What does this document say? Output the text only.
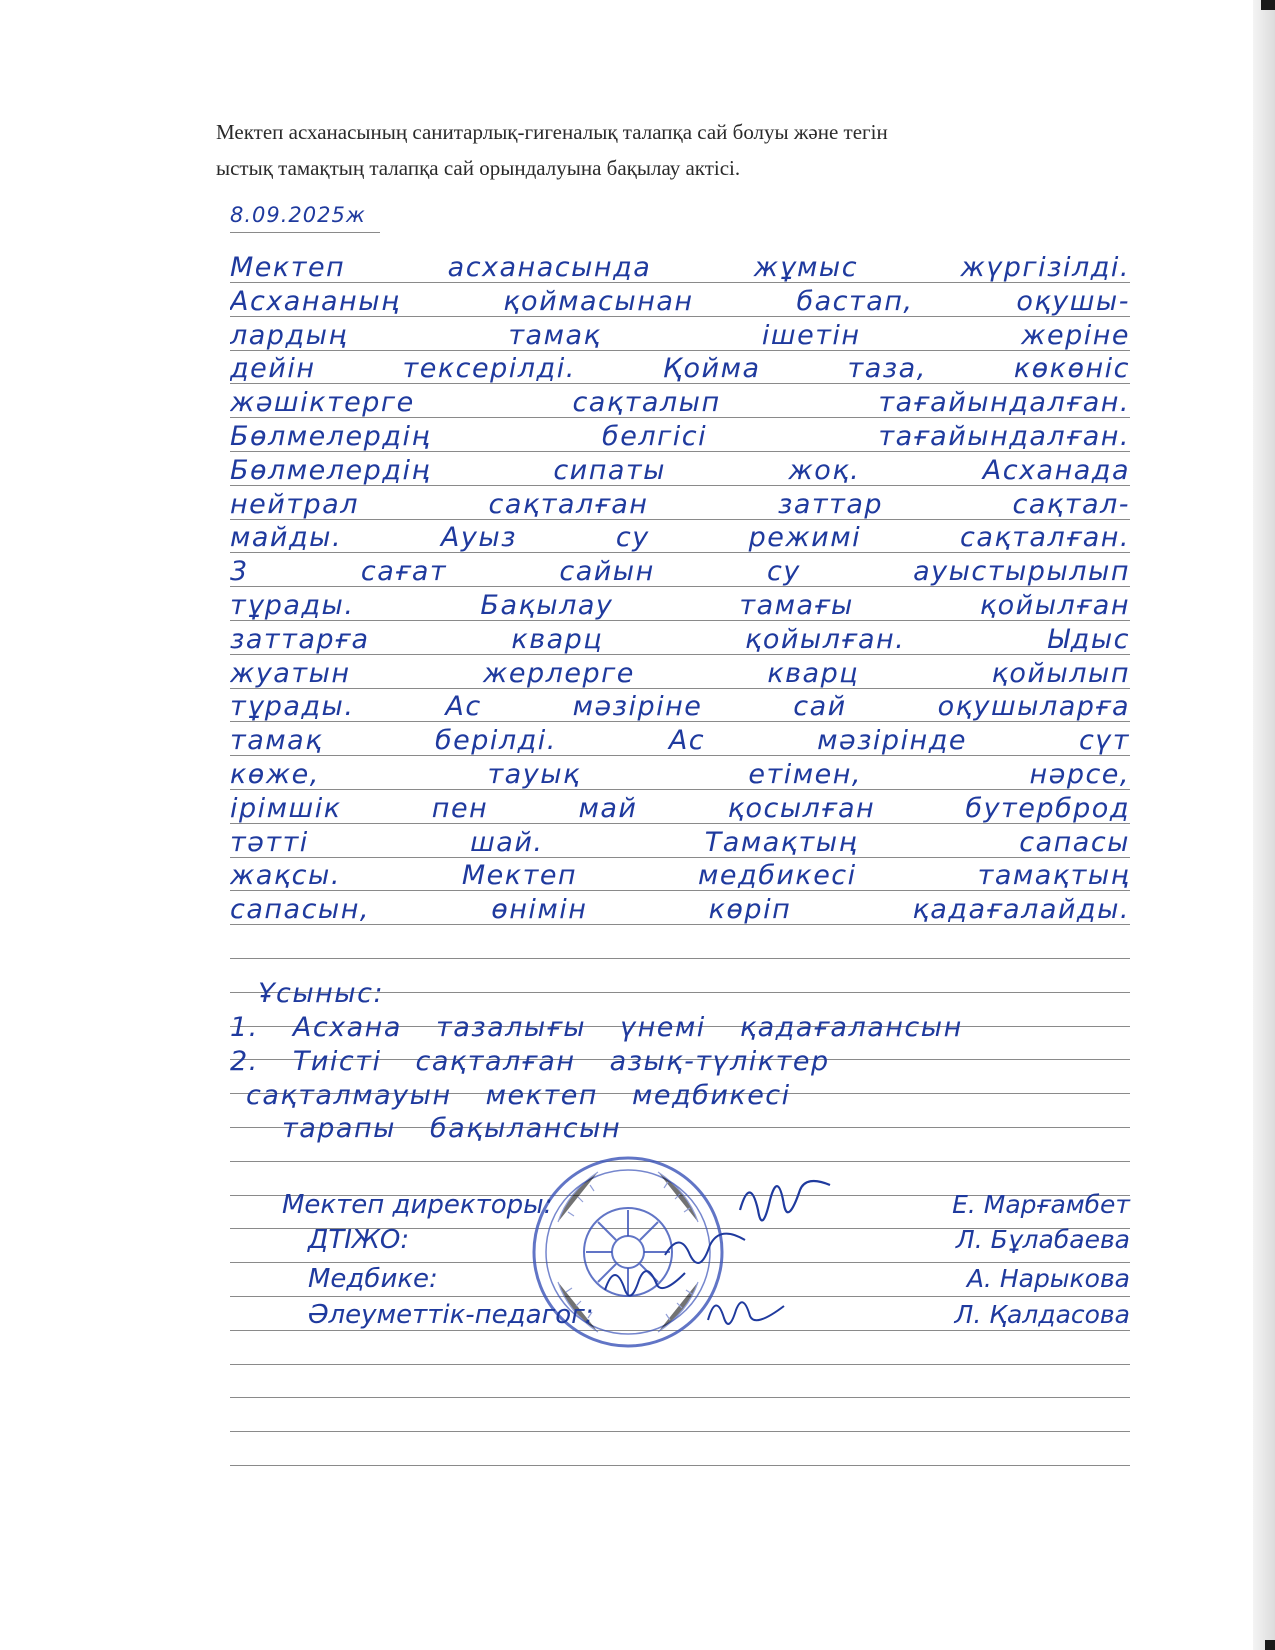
Мектеп асханасының санитарлық-гигеналық талапқа сай болуы және тегін
ыстық тамақтың талапқа сай орындалуына бақылау актісі.
8.09.2025ж
Мектеп асханасында жұмыс жүргізілді.
Асхананың қоймасынан бастап, оқушы-
лардың тамақ ішетін жеріне
дейін тексерілді. Қойма таза, көкөніс
жәшіктерге сақталып тағайындалған.
Бөлмелердің белгісі тағайындалған.
Бөлмелердің сипаты жоқ. Асханада
нейтрал сақталған заттар сақтал-
майды. Ауыз су режимі сақталған.
3 сағат сайын су ауыстырылып
тұрады. Бақылау тамағы қойылған
заттарға кварц қойылған. Ыдыс
жуатын жерлерге кварц қойылып
тұрады. Ас мәзіріне сай оқушыларға
тамақ берілді. Ас мәзірінде сүт
көже, тауық етімен, нәрсе,
ірімшік пен май қосылған бутерброд
тәтті шай. Тамақтың сапасы
жақсы. Мектеп медбикесі тамақтың
сапасын, өнімін көріп қадағалайды.
Ұсыныс:
1. Асхана тазалығы үнемі қадағалансын
2. Тиісті сақталған азық-түліктер
сақталмауын мектеп медбикесі
тарапы бақылансын
Мектеп директоры:	Е. Марғамбет
ДТІЖО:	Л. Бұлабаева
Медбике:	А. Нарыкова
Әлеуметтік-педагог:	Л. Қалдасова
